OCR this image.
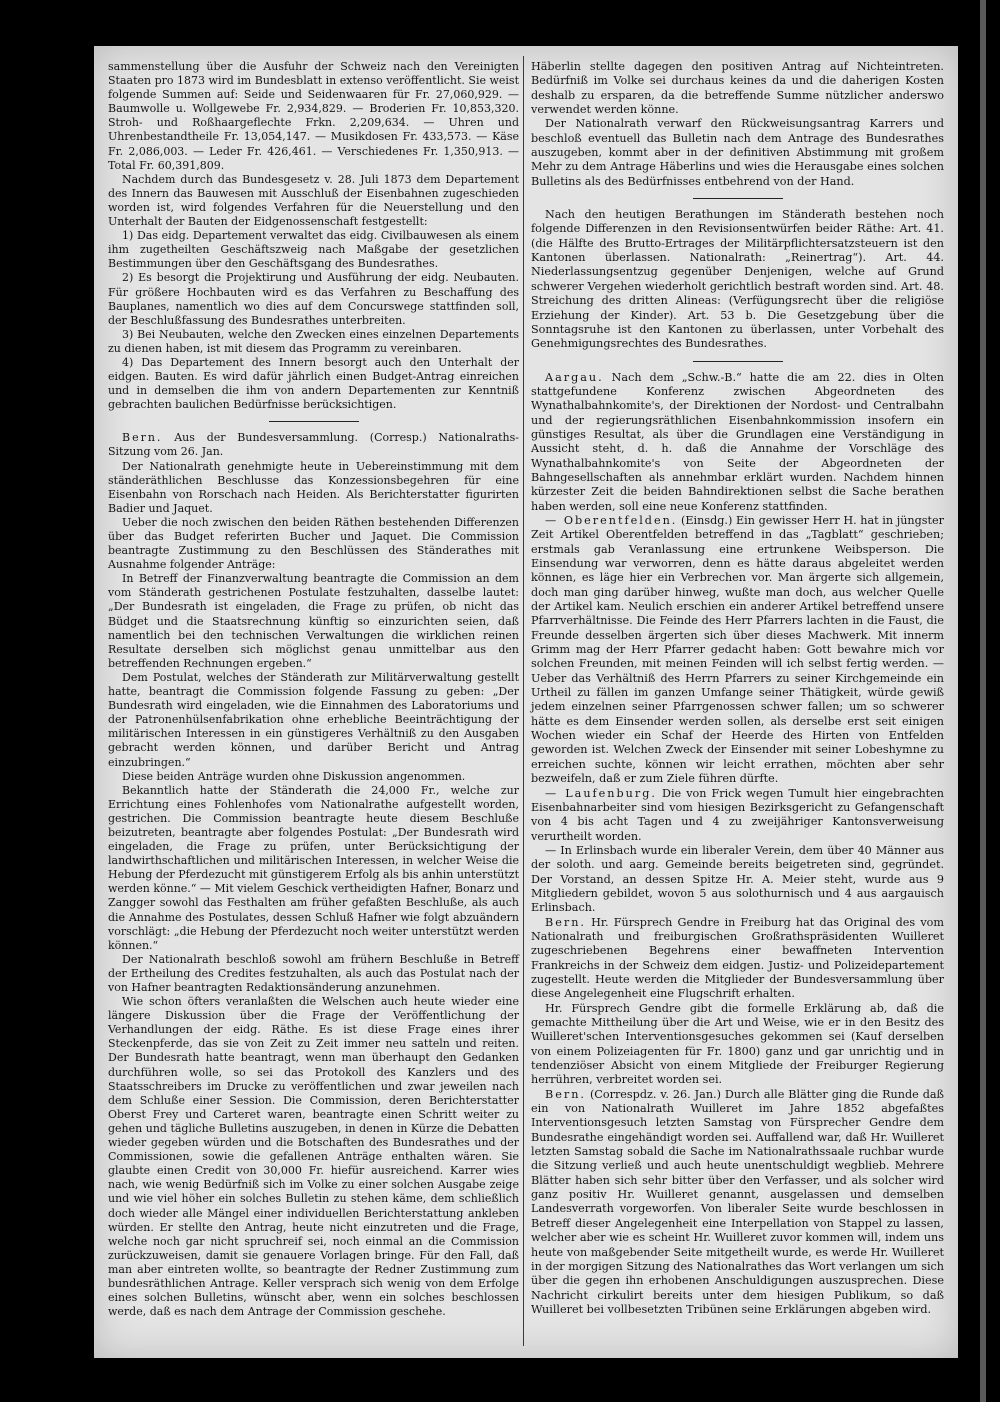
sammenstellung über die Ausfuhr der Schweiz nach den Vereinigten Staaten pro 1873 wird im Bundesblatt in extenso veröffentlicht. Sie weist folgende Summen auf: Seide und Seidenwaaren für Fr. 27,060,929. — Baumwolle u. Wollgewebe Fr. 2,934,829. — Broderien Fr. 10,853,320. Stroh- und Roßhaargeflechte Frkn. 2,209,634. — Uhren und Uhrenbestandtheile Fr. 13,054,147. — Musikdosen Fr. 433,573. — Käse Fr. 2,086,003. — Leder Fr. 426,461. — Verschiedenes Fr. 1,350,913. — Total Fr. 60,391,809.

Nachdem durch das Bundesgesetz v. 28. Juli 1873 dem Departement des Innern das Bauwesen mit Ausschluß der Eisenbahnen zugeschieden worden ist, wird folgendes Verfahren für die Neuerstellung und den Unterhalt der Bauten der Eidgenossenschaft festgestellt:

1) Das eidg. Departement verwaltet das eidg. Civilbauwesen als einem ihm zugetheilten Geschäftszweig nach Maßgabe der gesetzlichen Bestimmungen über den Geschäftsgang des Bundesrathes.

2) Es besorgt die Projektirung und Ausführung der eidg. Neubauten. Für größere Hochbauten wird es das Verfahren zu Beschaffung des Bauplanes, namentlich wo dies auf dem Concurswege stattfinden soll, der Beschlußfassung des Bundesrathes unterbreiten.

3) Bei Neubauten, welche den Zwecken eines einzelnen Departements zu dienen haben, ist mit diesem das Programm zu vereinbaren.

4) Das Departement des Innern besorgt auch den Unterhalt der eidgen. Bauten. Es wird dafür jährlich einen Budget-Antrag einreichen und in demselben die ihm von andern Departementen zur Kenntniß gebrachten baulichen Bedürfnisse berücksichtigen.

Bern. Aus der Bundesversammlung. (Corresp.) Nationalraths-Sitzung vom 26. Jan.

Der Nationalrath genehmigte heute in Uebereinstimmung mit dem ständeräthlichen Beschlusse das Konzessionsbegehren für eine Eisenbahn von Rorschach nach Heiden. Als Berichterstatter figurirten Badier und Jaquet.

Ueber die noch zwischen den beiden Räthen bestehenden Differenzen über das Budget referirten Bucher und Jaquet. Die Commission beantragte Zustimmung zu den Beschlüssen des Ständerathes mit Ausnahme folgender Anträge:

In Betreff der Finanzverwaltung beantragte die Commission an dem vom Ständerath gestrichenen Postulate festzuhalten, dasselbe lautet: „Der Bundesrath ist eingeladen, die Frage zu prüfen, ob nicht das Büdget und die Staatsrechnung künftig so einzurichten seien, daß namentlich bei den technischen Verwaltungen die wirklichen reinen Resultate derselben sich möglichst genau unmittelbar aus den betreffenden Rechnungen ergeben.“

Dem Postulat, welches der Ständerath zur Militärverwaltung gestellt hatte, beantragt die Commission folgende Fassung zu geben: „Der Bundesrath wird eingeladen, wie die Einnahmen des Laboratoriums und der Patronenhülsenfabrikation ohne erhebliche Beeinträchtigung der militärischen Interessen in ein günstigeres Verhältniß zu den Ausgaben gebracht werden können, und darüber Bericht und Antrag einzubringen.“

Diese beiden Anträge wurden ohne Diskussion angenommen.

Bekanntlich hatte der Ständerath die 24,000 Fr., welche zur Errichtung eines Fohlenhofes vom Nationalrathe aufgestellt worden, gestrichen. Die Commission beantragte heute diesem Beschluße beizutreten, beantragte aber folgendes Postulat: „Der Bundesrath wird eingeladen, die Frage zu prüfen, unter Berücksichtigung der landwirthschaftlichen und militärischen Interessen, in welcher Weise die Hebung der Pferdezucht mit günstigerem Erfolg als bis anhin unterstützt werden könne.“ — Mit vielem Geschick vertheidigten Hafner, Bonarz und Zangger sowohl das Festhalten am früher gefaßten Beschluße, als auch die Annahme des Postulates, dessen Schluß Hafner wie folgt abzuändern vorschlägt: „die Hebung der Pferdezucht noch weiter unterstützt werden können.“

Der Nationalrath beschloß sowohl am frühern Beschluße in Betreff der Ertheilung des Credites festzuhalten, als auch das Postulat nach der von Hafner beantragten Redaktionsänderung anzunehmen.

Wie schon öfters veranlaßten die Welschen auch heute wieder eine längere Diskussion über die Frage der Veröffentlichung der Verhandlungen der eidg. Räthe. Es ist diese Frage eines ihrer Steckenpferde, das sie von Zeit zu Zeit immer neu satteln und reiten. Der Bundesrath hatte beantragt, wenn man überhaupt den Gedanken durchführen wolle, so sei das Protokoll des Kanzlers und des Staatsschreibers im Drucke zu veröffentlichen und zwar jeweilen nach dem Schluße einer Session. Die Commission, deren Berichterstatter Oberst Frey und Carteret waren, beantragte einen Schritt weiter zu gehen und tägliche Bulletins auszugeben, in denen in Kürze die Debatten wieder gegeben würden und die Botschaften des Bundesrathes und der Commissionen, sowie die gefallenen Anträge enthalten wären. Sie glaubte einen Credit von 30,000 Fr. hiefür ausreichend. Karrer wies nach, wie wenig Bedürfniß sich im Volke zu einer solchen Ausgabe zeige und wie viel höher ein solches Bulletin zu stehen käme, dem schließlich doch wieder alle Mängel einer individuellen Berichterstattung ankleben würden. Er stellte den Antrag, heute nicht einzutreten und die Frage, welche noch gar nicht spruchreif sei, noch einmal an die Commission zurückzuweisen, damit sie genauere Vorlagen bringe. Für den Fall, daß man aber eintreten wollte, so beantragte der Redner Zustimmung zum bundesräthlichen Antrage. Keller versprach sich wenig von dem Erfolge eines solchen Bulletins, wünscht aber, wenn ein solches beschlossen werde, daß es nach dem Antrage der Commission geschehe.

Häberlin stellte dagegen den positiven Antrag auf Nichteintreten. Bedürfniß im Volke sei durchaus keines da und die daherigen Kosten deshalb zu ersparen, da die betreffende Summe nützlicher anderswo verwendet werden könne.

Der Nationalrath verwarf den Rückweisungsantrag Karrers und beschloß eventuell das Bulletin nach dem Antrage des Bundesrathes auszugeben, kommt aber in der definitiven Abstimmung mit großem Mehr zu dem Antrage Häberlins und wies die Herausgabe eines solchen Bulletins als des Bedürfnisses entbehrend von der Hand.

Nach den heutigen Berathungen im Ständerath bestehen noch folgende Differenzen in den Revisionsentwürfen beider Räthe: Art. 41. (die Hälfte des Brutto-Ertrages der Militärpflichtersatzsteuern ist den Kantonen überlassen. Nationalrath: „Reinertrag“). Art. 44. Niederlassungsentzug gegenüber Denjenigen, welche auf Grund schwerer Vergehen wiederholt gerichtlich bestraft worden sind. Art. 48. Streichung des dritten Alineas: (Verfügungsrecht über die religiöse Erziehung der Kinder). Art. 53 b. Die Gesetzgebung über die Sonntagsruhe ist den Kantonen zu überlassen, unter Vorbehalt des Genehmigungsrechtes des Bundesrathes.

Aargau. Nach dem „Schw.-B.“ hatte die am 22. dies in Olten stattgefundene Konferenz zwischen Abgeordneten des Wynathalbahnkomite's, der Direktionen der Nordost- und Centralbahn und der regierungsräthlichen Eisenbahnkommission insofern ein günstiges Resultat, als über die Grundlagen eine Verständigung in Aussicht steht, d. h. daß die Annahme der Vorschläge des Wynathalbahnkomite's von Seite der Abgeordneten der Bahngesellschaften als annehmbar erklärt wurden. Nachdem hinnen kürzester Zeit die beiden Bahndirektionen selbst die Sache berathen haben werden, soll eine neue Konferenz stattfinden.

— Oberentfelden. (Einsdg.) Ein gewisser Herr H. hat in jüngster Zeit Artikel Oberentfelden betreffend in das „Tagblatt“ geschrieben; erstmals gab Veranlassung eine ertrunkene Weibsperson. Die Einsendung war verworren, denn es hätte daraus abgeleitet werden können, es läge hier ein Verbrechen vor. Man ärgerte sich allgemein, doch man ging darüber hinweg, wußte man doch, aus welcher Quelle der Artikel kam. Neulich erschien ein anderer Artikel betreffend unsere Pfarrverhältnisse. Die Feinde des Herr Pfarrers lachten in die Faust, die Freunde desselben ärgerten sich über dieses Machwerk. Mit innerm Grimm mag der Herr Pfarrer gedacht haben: Gott bewahre mich vor solchen Freunden, mit meinen Feinden will ich selbst fertig werden. — Ueber das Verhältniß des Herrn Pfarrers zu seiner Kirchgemeinde ein Urtheil zu fällen im ganzen Umfange seiner Thätigkeit, würde gewiß jedem einzelnen seiner Pfarrgenossen schwer fallen; um so schwerer hätte es dem Einsender werden sollen, als derselbe erst seit einigen Wochen wieder ein Schaf der Heerde des Hirten von Entfelden geworden ist. Welchen Zweck der Einsender mit seiner Lobeshymne zu erreichen suchte, können wir leicht errathen, möchten aber sehr bezweifeln, daß er zum Ziele führen dürfte.

— Laufenburg. Die von Frick wegen Tumult hier eingebrachten Eisenbahnarbeiter sind vom hiesigen Bezirksgericht zu Gefangenschaft von 4 bis acht Tagen und 4 zu zweijähriger Kantonsverweisung verurtheilt worden.

— In Erlinsbach wurde ein liberaler Verein, dem über 40 Männer aus der soloth. und aarg. Gemeinde bereits beigetreten sind, gegründet. Der Vorstand, an dessen Spitze Hr. A. Meier steht, wurde aus 9 Mitgliedern gebildet, wovon 5 aus solothurnisch und 4 aus aargauisch Erlinsbach.

Bern. Hr. Fürsprech Gendre in Freiburg hat das Original des vom Nationalrath und freiburgischen Großrathspräsidenten Wuilleret zugeschriebenen Begehrens einer bewaffneten Intervention Frankreichs in der Schweiz dem eidgen. Justiz- und Polizeidepartement zugestellt. Heute werden die Mitglieder der Bundesversammlung über diese Angelegenheit eine Flugschrift erhalten.

Hr. Fürsprech Gendre gibt die formelle Erklärung ab, daß die gemachte Mittheilung über die Art und Weise, wie er in den Besitz des Wuilleret'schen Interventionsgesuches gekommen sei (Kauf derselben von einem Polizeiagenten für Fr. 1800) ganz und gar unrichtig und in tendenziöser Absicht von einem Mitgliede der Freiburger Regierung herrühren, verbreitet worden sei.

Bern. (Correspdz. v. 26. Jan.) Durch alle Blätter ging die Runde daß ein von Nationalrath Wuilleret im Jahre 1852 abgefaßtes Interventionsgesuch letzten Samstag von Fürsprecher Gendre dem Bundesrathe eingehändigt worden sei. Auffallend war, daß Hr. Wuilleret letzten Samstag sobald die Sache im Nationalrathssaale ruchbar wurde die Sitzung verließ und auch heute unentschuldigt wegblieb. Mehrere Blätter haben sich sehr bitter über den Verfasser, und als solcher wird ganz positiv Hr. Wuilleret genannt, ausgelassen und demselben Landesverrath vorgeworfen. Von liberaler Seite wurde beschlossen in Betreff dieser Angelegenheit eine Interpellation von Stappel zu lassen, welcher aber wie es scheint Hr. Wuilleret zuvor kommen will, indem uns heute von maßgebender Seite mitgetheilt wurde, es werde Hr. Wuilleret in der morgigen Sitzung des Nationalrathes das Wort verlangen um sich über die gegen ihn erhobenen Anschuldigungen auszusprechen. Diese Nachricht cirkulirt bereits unter dem hiesigen Publikum, so daß Wuilleret bei vollbesetzten Tribünen seine Erklärungen abgeben wird.
